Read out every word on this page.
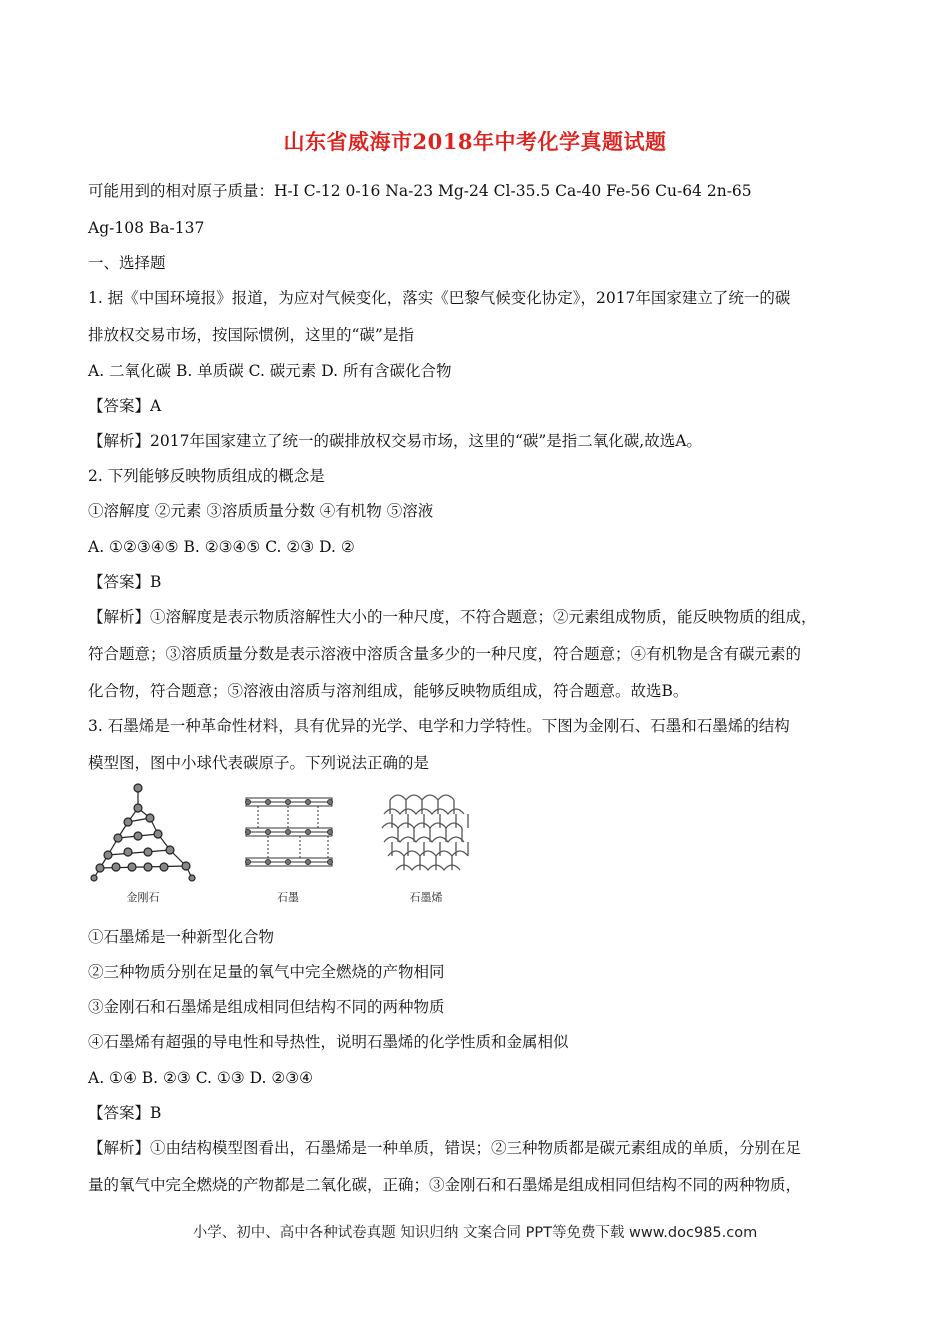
山东省威海市2018年中考化学真题试题
可能用到的相对原子质量：H-I C-12 0-16 Na-23 Mg-24 Cl-35.5 Ca-40 Fe-56 Cu-64 2n-65
Ag-108 Ba-137
一、选择题
1. 据《中国环境报》报道，为应对气候变化，落实《巴黎气候变化协定》，2017年国家建立了统一的碳
排放权交易市场，按国际惯例，这里的“碳”是指
A. 二氧化碳 B. 单质碳 C. 碳元素 D. 所有含碳化合物
【答案】A
【解析】2017年国家建立了统一的碳排放权交易市场，这里的“碳”是指二氧化碳,故选A。
2. 下列能够反映物质组成的概念是
①溶解度 ②元素 ③溶质质量分数 ④有机物 ⑤溶液
A. ①②③④⑤ B. ②③④⑤ C. ②③ D. ②
【答案】B
【解析】①溶解度是表示物质溶解性大小的一种尺度，不符合题意；②元素组成物质，能反映物质的组成，
符合题意；③溶质质量分数是表示溶液中溶质含量多少的一种尺度，符合题意；④有机物是含有碳元素的
化合物，符合题意；⑤溶液由溶质与溶剂组成，能够反映物质组成，符合题意。故选B。
3. 石墨烯是一种革命性材料，具有优异的光学、电学和力学特性。下图为金刚石、石墨和石墨烯的结构
模型图，图中小球代表碳原子。下列说法正确的是
金刚石	石墨	石墨烯
①石墨烯是一种新型化合物
②三种物质分别在足量的氧气中完全燃烧的产物相同
③金刚石和石墨烯是组成相同但结构不同的两种物质
④石墨烯有超强的导电性和导热性，说明石墨烯的化学性质和金属相似
A. ①④ B. ②③ C. ①③ D. ②③④
【答案】B
【解析】①由结构模型图看出，石墨烯是一种单质，错误；②三种物质都是碳元素组成的单质，分别在足
量的氧气中完全燃烧的产物都是二氧化碳，正确；③金刚石和石墨烯是组成相同但结构不同的两种物质，
小学、初中、高中各种试卷真题 知识归纳 文案合同 PPT等免费下载 www.doc985.com
